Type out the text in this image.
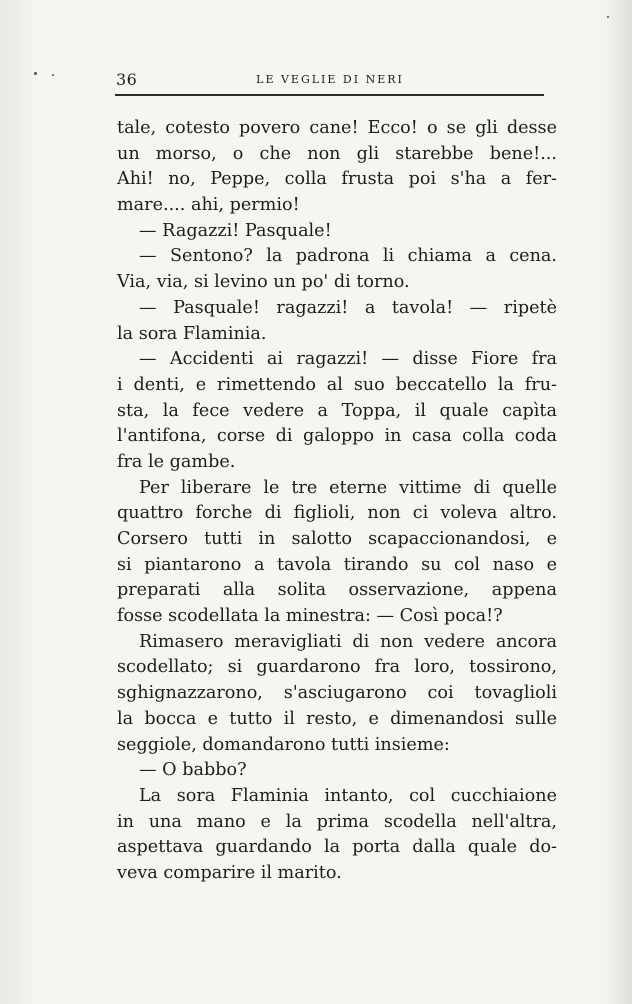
36	LE VEGLIE DI NERI
tale, cotesto povero cane! Ecco! o se gli desse
un morso, o che non gli starebbe bene!...
Ahi! no, Peppe, colla frusta poi s'ha a fer-
mare.... ahi, permio!
— Ragazzi! Pasquale!
— Sentono? la padrona li chiama a cena.
Via, via, si levino un po' di torno.
— Pasquale! ragazzi! a tavola! — ripetè
la sora Flaminia.
— Accidenti ai ragazzi! — disse Fiore fra
i denti, e rimettendo al suo beccatello la fru-
sta, la fece vedere a Toppa, il quale capìta
l'antifona, corse di galoppo in casa colla coda
fra le gambe.
Per liberare le tre eterne vittime di quelle
quattro forche di figlioli, non ci voleva altro.
Corsero tutti in salotto scapaccionandosi, e
si piantarono a tavola tirando su col naso e
preparati alla solita osservazione, appena
fosse scodellata la minestra: — Così poca!?
Rimasero meravigliati di non vedere ancora
scodellato; si guardarono fra loro, tossirono,
sghignazzarono, s'asciugarono coi tovaglioli
la bocca e tutto il resto, e dimenandosi sulle
seggiole, domandarono tutti insieme:
— O babbo?
La sora Flaminia intanto, col cucchiaione
in una mano e la prima scodella nell'altra,
aspettava guardando la porta dalla quale do-
veva comparire il marito.
